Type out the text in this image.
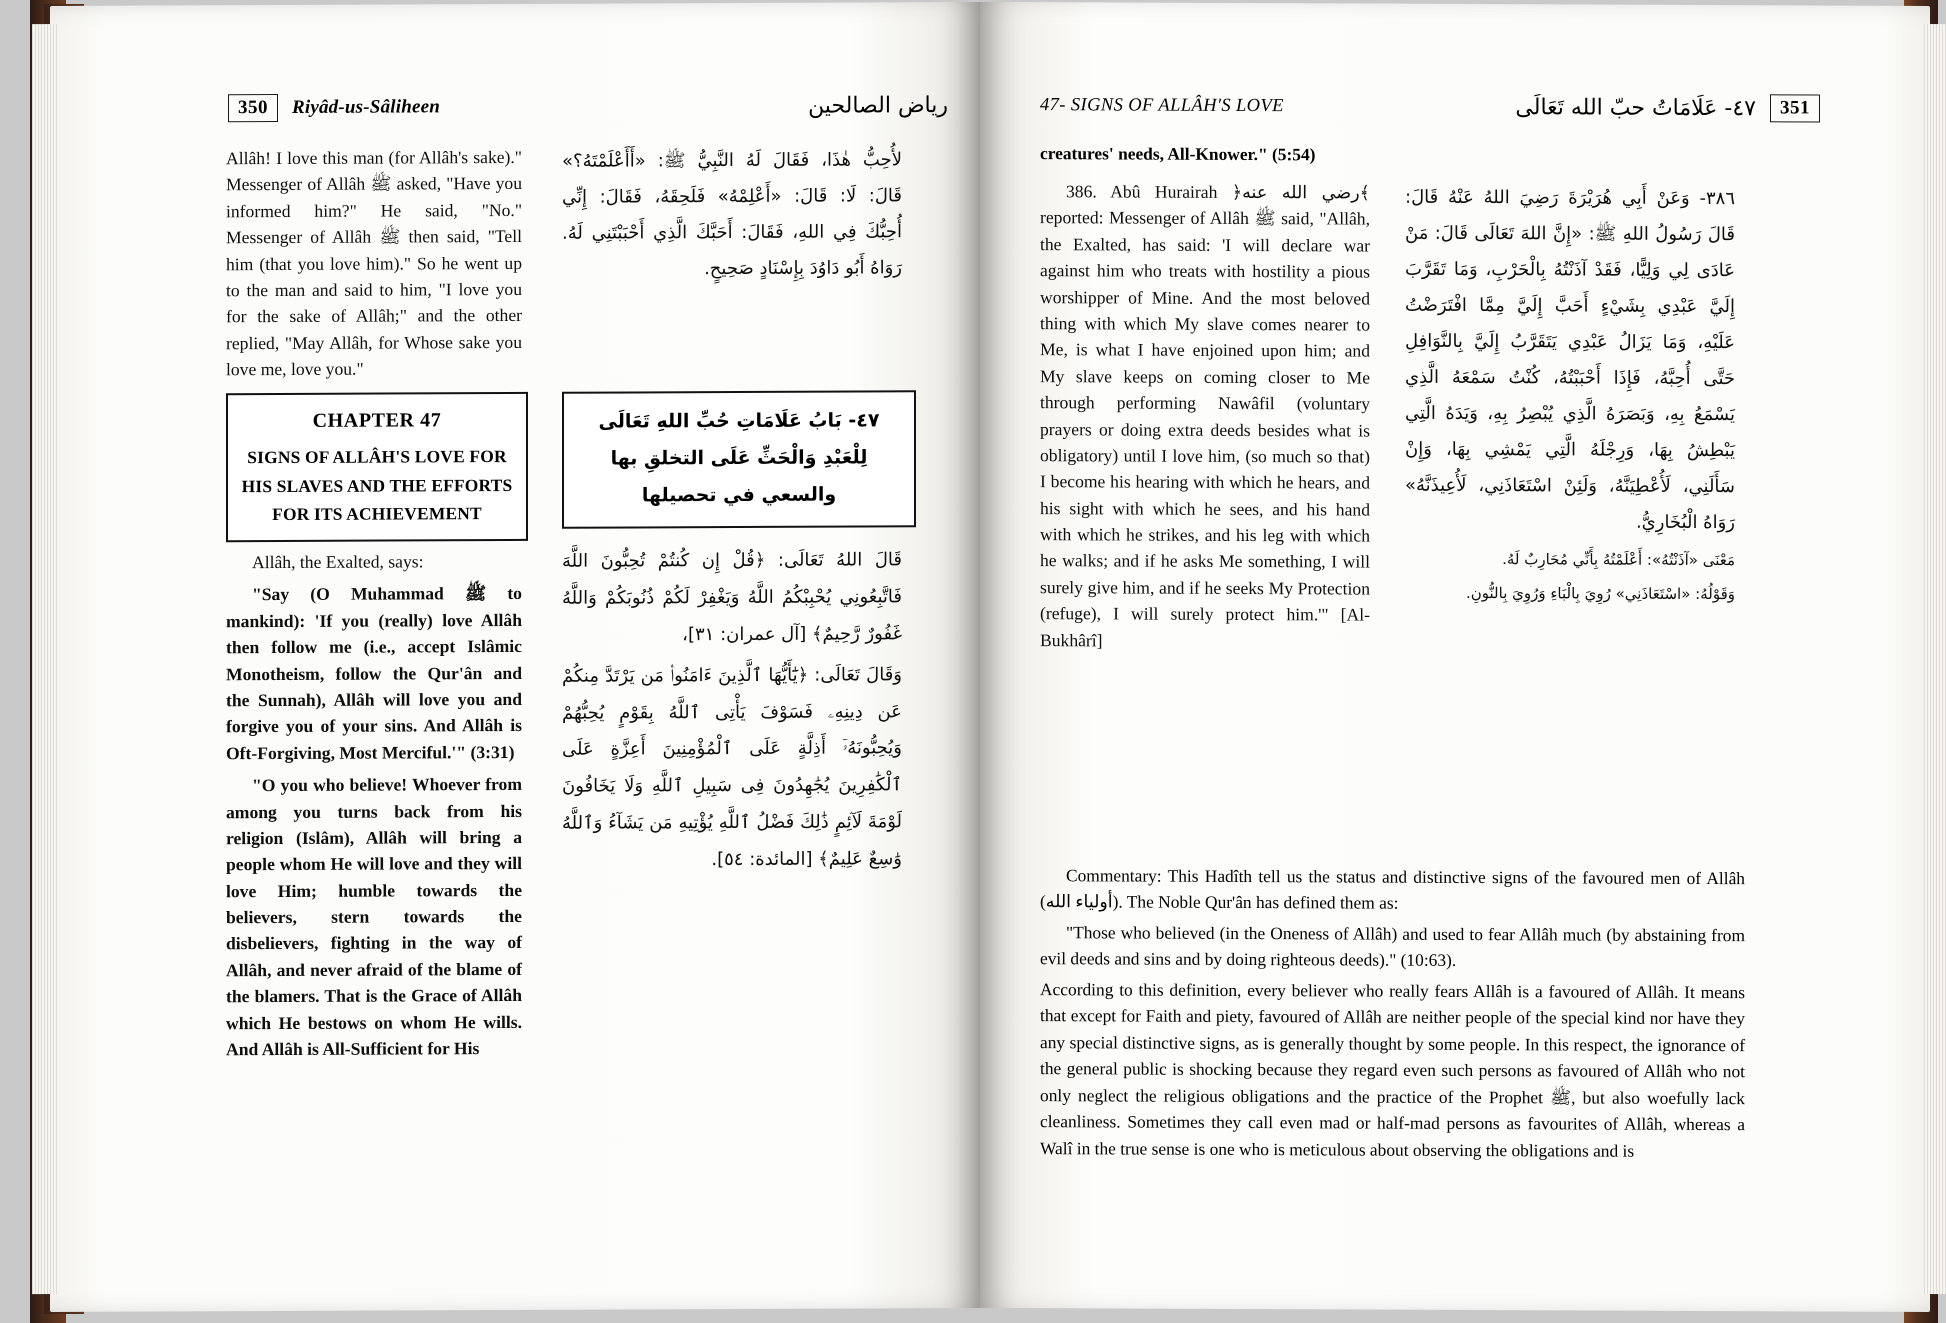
350	Riyâd-us-Sâliheen	رياض الصالحين

Allâh! I love this man (for Allâh's sake)." Messenger of Allâh ﷺ asked, "Have you informed him?" He said, "No." Messenger of Allâh ﷺ then said, "Tell him (that you love him)." So he went up to the man and said to him, "I love you for the sake of Allâh;" and the other replied, "May Allâh, for Whose sake you love me, love you."

لأُحِبُّ هٰذَا، فَقَالَ لَهُ النَّبِيُّ ﷺ: «أَأَعْلَمْتَهُ؟» قَالَ: لَا: قَالَ: «أَعْلِمْهُ» فَلَحِقَهُ، فَقَالَ: إِنِّي أُحِبُّكَ فِي اللهِ، فَقَالَ: أَحَبَّكَ الَّذِي أَحْبَبْتَنِي لَهُ. رَوَاهُ أَبُو دَاوُدَ بِإِسْنَادٍ صَحِيحٍ.

CHAPTER 47
SIGNS OF ALLÂH'S LOVE FOR HIS SLAVES AND THE EFFORTS FOR ITS ACHIEVEMENT
٤٧- بَابُ عَلَامَاتِ حُبِّ اللهِ تَعَالَى
لِلْعَبْدِ وَالْحَثِّ عَلَى التخلقِ بها
والسعي في تحصيلها

Allâh, the Exalted, says:

"Say (O Muhammad ﷺ to mankind): 'If you (really) love Allâh then follow me (i.e., accept Islâmic Monotheism, follow the Qur'ân and the Sunnah), Allâh will love you and forgive you of your sins. And Allâh is Oft-Forgiving, Most Merciful.'" (3:31)

"O you who believe! Whoever from among you turns back from his religion (Islâm), Allâh will bring a people whom He will love and they will love Him; humble towards the believers, stern towards the disbelievers, fighting in the way of Allâh, and never afraid of the blame of the blamers. That is the Grace of Allâh which He bestows on whom He wills. And Allâh is All-Sufficient for His

قَالَ اللهُ تَعَالَى: ﴿قُلْ إِن كُنتُمْ تُحِبُّونَ اللَّهَ فَاتَّبِعُونِي يُحْبِبْكُمُ اللَّهُ وَيَغْفِرْ لَكُمْ ذُنُوبَكُمْ وَاللَّهُ غَفُورٌ رَّحِيمٌ﴾ [آل عمران: ٣١]،

وَقَالَ تَعَالَى: ﴿يَٰٓأَيُّهَا ٱلَّذِينَ ءَامَنُوا۟ مَن يَرْتَدَّ مِنكُمْ عَن دِينِهِۦ فَسَوْفَ يَأْتِى ٱللَّهُ بِقَوْمٍ يُحِبُّهُمْ وَيُحِبُّونَهُۥٓ أَذِلَّةٍ عَلَى ٱلْمُؤْمِنِينَ أَعِزَّةٍ عَلَى ٱلْكَٰفِرِينَ يُجَٰهِدُونَ فِى سَبِيلِ ٱللَّهِ وَلَا يَخَافُونَ لَوْمَةَ لَآئِمٍ ذَٰلِكَ فَضْلُ ٱللَّهِ يُؤْتِيهِ مَن يَشَآءُ وَٱللَّهُ وَٰسِعٌ عَلِيمٌ﴾ [المائدة: ٥٤].

47- SIGNS OF ALLÂH'S LOVE	٤٧- عَلَامَاتُ حبّ الله تَعَالَى	351

creatures' needs, All-Knower." (5:54)

386. Abû Hurairah ﴿رضي الله عنه﴾ reported: Messenger of Allâh ﷺ said, "Allâh, the Exalted, has said: 'I will declare war against him who treats with hostility a pious worshipper of Mine. And the most beloved thing with which My slave comes nearer to Me, is what I have enjoined upon him; and My slave keeps on coming closer to Me through performing Nawâfil (voluntary prayers or doing extra deeds besides what is obligatory) until I love him, (so much so that) I become his hearing with which he hears, and his sight with which he sees, and his hand with which he strikes, and his leg with which he walks; and if he asks Me something, I will surely give him, and if he seeks My Protection (refuge), I will surely protect him.'" [Al-Bukhârî]

٣٨٦- وَعَنْ أَبِي هُرَيْرَةَ رَضِيَ اللهُ عَنْهُ قَالَ: قَالَ رَسُولُ اللهِ ﷺ: «إِنَّ اللهَ تَعَالَى قَالَ: مَنْ عَادَى لِي وَلِيًّا، فَقَدْ آذَنْتُهُ بِالْحَرْبِ، وَمَا تَقَرَّبَ إِلَيَّ عَبْدِي بِشَيْءٍ أَحَبَّ إِلَيَّ مِمَّا افْتَرَضْتُ عَلَيْهِ، وَمَا يَزَالُ عَبْدِي يَتَقَرَّبُ إِلَيَّ بِالنَّوَافِلِ حَتَّى أُحِبَّهُ، فَإِذَا أَحْبَبْتُهُ، كُنْتُ سَمْعَهُ الَّذِي يَسْمَعُ بِهِ، وَبَصَرَهُ الَّذِي يُبْصِرُ بِهِ، وَيَدَهُ الَّتِي يَبْطِشُ بِهَا، وَرِجْلَهُ الَّتِي يَمْشِي بِهَا، وَإِنْ سَأَلَنِي، لَأُعْطِيَنَّهُ، وَلَئِنْ اسْتَعَاذَنِي، لَأُعِيذَنَّهُ» رَوَاهُ الْبُخَارِيُّ.

مَعْنَى «آذَنْتُهُ»: أَعْلَمْتُهُ بِأَنِّي مُحَارِبٌ لَهُ.

وَقَوْلُهُ: «اسْتَعَاذَنِي» رُوِيَ بِالْبَاءِ وَرُوِيَ بِالنُّونِ.

Commentary: This Hadîth tell us the status and distinctive signs of the favoured men of Allâh (أولياء الله). The Noble Qur'ân has defined them as:

"Those who believed (in the Oneness of Allâh) and used to fear Allâh much (by abstaining from evil deeds and sins and by doing righteous deeds)." (10:63).

According to this definition, every believer who really fears Allâh is a favoured of Allâh. It means that except for Faith and piety, favoured of Allâh are neither people of the special kind nor have they any special distinctive signs, as is generally thought by some people. In this respect, the ignorance of the general public is shocking because they regard even such persons as favoured of Allâh who not only neglect the religious obligations and the practice of the Prophet ﷺ, but also woefully lack cleanliness. Sometimes they call even mad or half-mad persons as favourites of Allâh, whereas a Walî in the true sense is one who is meticulous about observing the obligations and is
